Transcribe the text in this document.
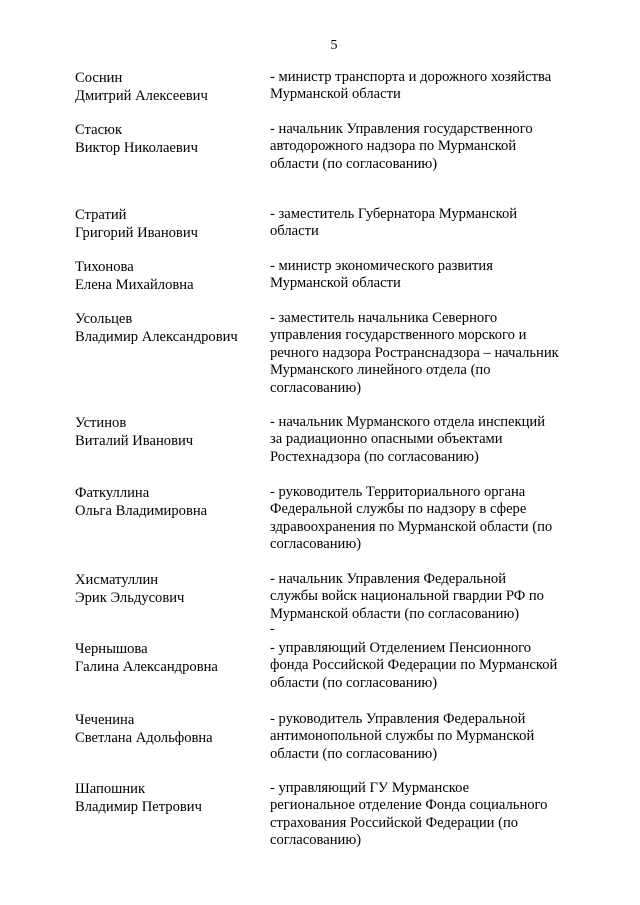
5
Соснин
Дмитрий Алексеевич
- министр транспорта и дорожного хозяйства
Мурманской области
Стасюк
Виктор Николаевич
- начальник Управления государственного
автодорожного надзора по Мурманской
области (по согласованию)
Стратий
Григорий Иванович
- заместитель Губернатора Мурманской
области
Тихонова
Елена Михайловна
- министр экономического развития
Мурманской области
Усольцев
Владимир Александрович
- заместитель начальника Северного
управления государственного морского и
речного надзора Ространснадзора – начальник
Мурманского линейного отдела (по
согласованию)
Устинов
Виталий Иванович
- начальник Мурманского отдела инспекций
за радиационно опасными объектами
Ростехнадзора (по согласованию)
Фаткуллина
Ольга Владимировна
- руководитель Территориального органа
Федеральной службы по надзору в сфере
здравоохранения по Мурманской области (по
согласованию)
Хисматуллин
Эрик Эльдусович
- начальник Управления Федеральной
службы войск национальной гвардии РФ по
Мурманской области (по согласованию)
-
Чернышова
Галина Александровна
- управляющий Отделением Пенсионного
фонда Российской Федерации по Мурманской
области (по согласованию)
Чеченина
Светлана Адольфовна
- руководитель Управления Федеральной
антимонопольной службы по Мурманской
области (по согласованию)
Шапошник
Владимир Петрович
- управляющий ГУ Мурманское
региональное отделение Фонда социального
страхования Российской Федерации (по
согласованию)
